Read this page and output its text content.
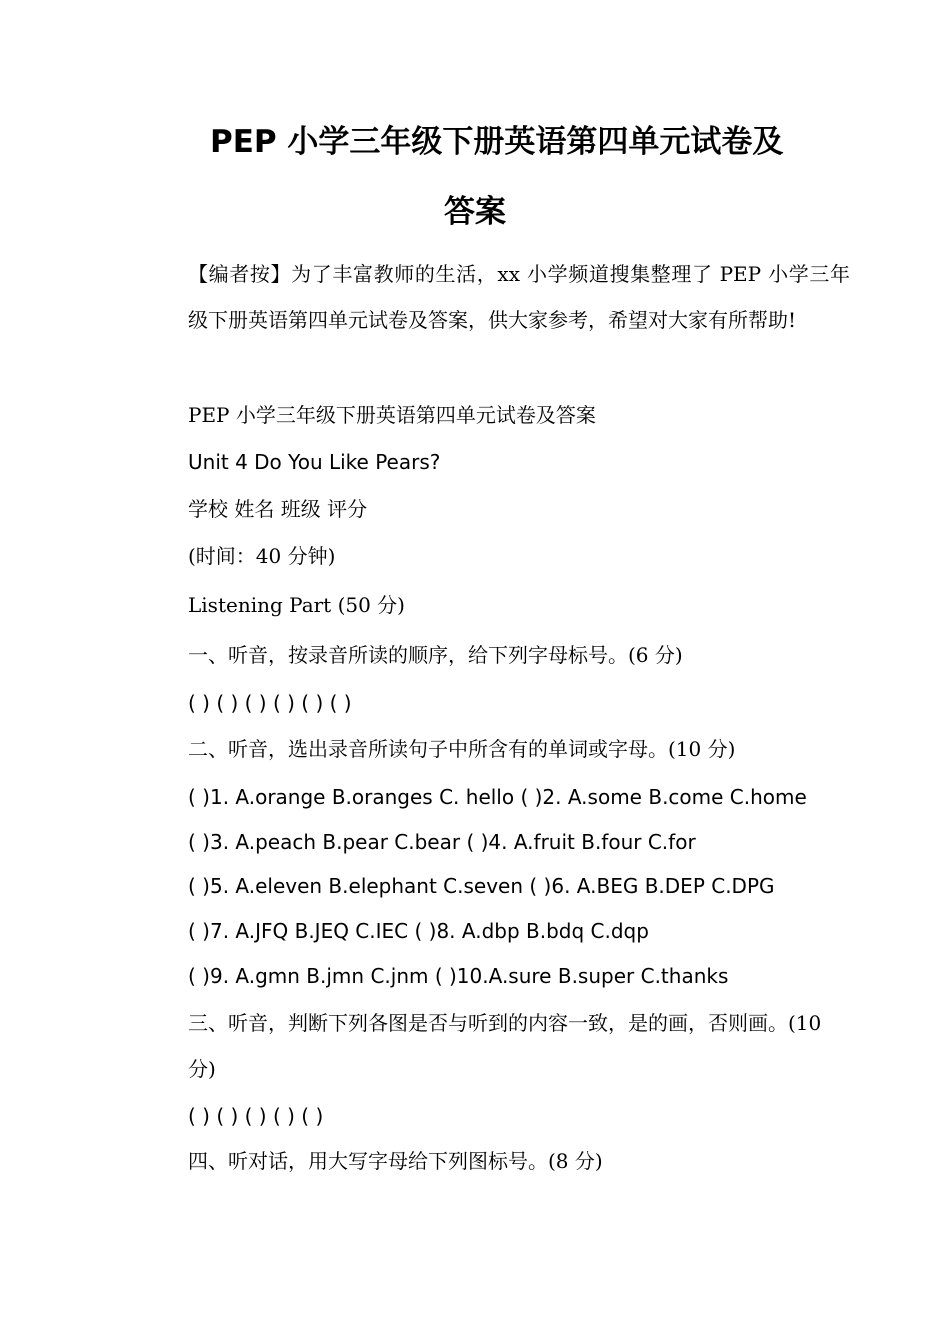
PEP 小学三年级下册英语第四单元试卷及
答案
【编者按】为了丰富教师的生活，xx 小学频道搜集整理了 PEP 小学三年级下册英语第四单元试卷及答案，供大家参考，希望对大家有所帮助!
PEP 小学三年级下册英语第四单元试卷及答案
Unit 4 Do You Like Pears?
学校 姓名 班级 评分
(时间：40 分钟)
Listening Part (50 分)
一、听音，按录音所读的顺序，给下列字母标号。(6 分)
( ) ( ) ( ) ( ) ( ) ( )
二、听音，选出录音所读句子中所含有的单词或字母。(10 分)
( )1. A.orange B.oranges C. hello ( )2. A.some B.come C.home
( )3. A.peach B.pear C.bear ( )4. A.fruit B.four C.for
( )5. A.eleven B.elephant C.seven ( )6. A.BEG B.DEP C.DPG
( )7. A.JFQ B.JEQ C.IEC ( )8. A.dbp B.bdq C.dqp
( )9. A.gmn B.jmn C.jnm ( )10.A.sure B.super C.thanks
三、听音，判断下列各图是否与听到的内容一致，是的画，否则画。(10 分)
( ) ( ) ( ) ( ) ( )
四、听对话，用大写字母给下列图标号。(8 分)
